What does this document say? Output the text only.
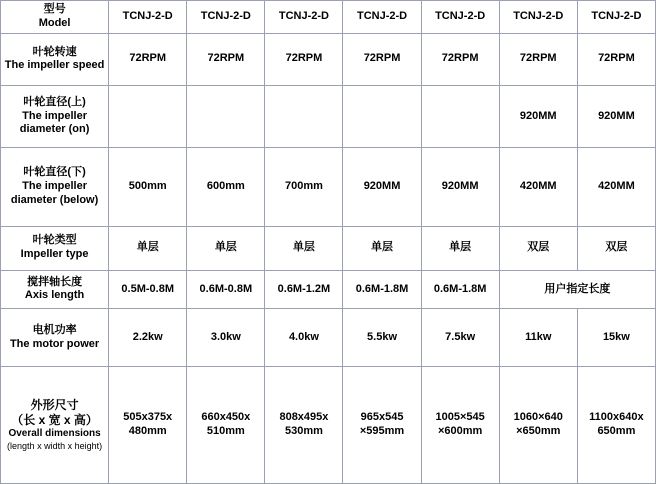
型号
Model	TCNJ-2-D	TCNJ-2-D	TCNJ-2-D	TCNJ-2-D	TCNJ-2-D	TCNJ-2-D	TCNJ-2-D

叶轮转速
The impeller speed	72RPM	72RPM	72RPM	72RPM	72RPM	72RPM	72RPM

叶轮直径(上)
The impeller diameter (on)						920MM	920MM

叶轮直径(下)
The impeller diameter (below)	500mm	600mm	700mm	920MM	920MM	420MM	420MM

叶轮类型
Impeller type	单层	单层	单层	单层	单层	双层	双层

搅拌轴长度
Axis length	0.5M-0.8M	0.6M-0.8M	0.6M-1.2M	0.6M-1.8M	0.6M-1.8M	用户指定长度	

电机功率
The motor power	2.2kw	3.0kw	4.0kw	5.5kw	7.5kw	11kw	15kw

外形尺寸
（长 x 宽 x 高）
Overall dimensions
(length x width x height)	505x375x 480mm	660x450x 510mm	808x495x 530mm	965x545 ×595mm	1005×545 ×600mm	1060×640 ×650mm	1100x640x 650mm
